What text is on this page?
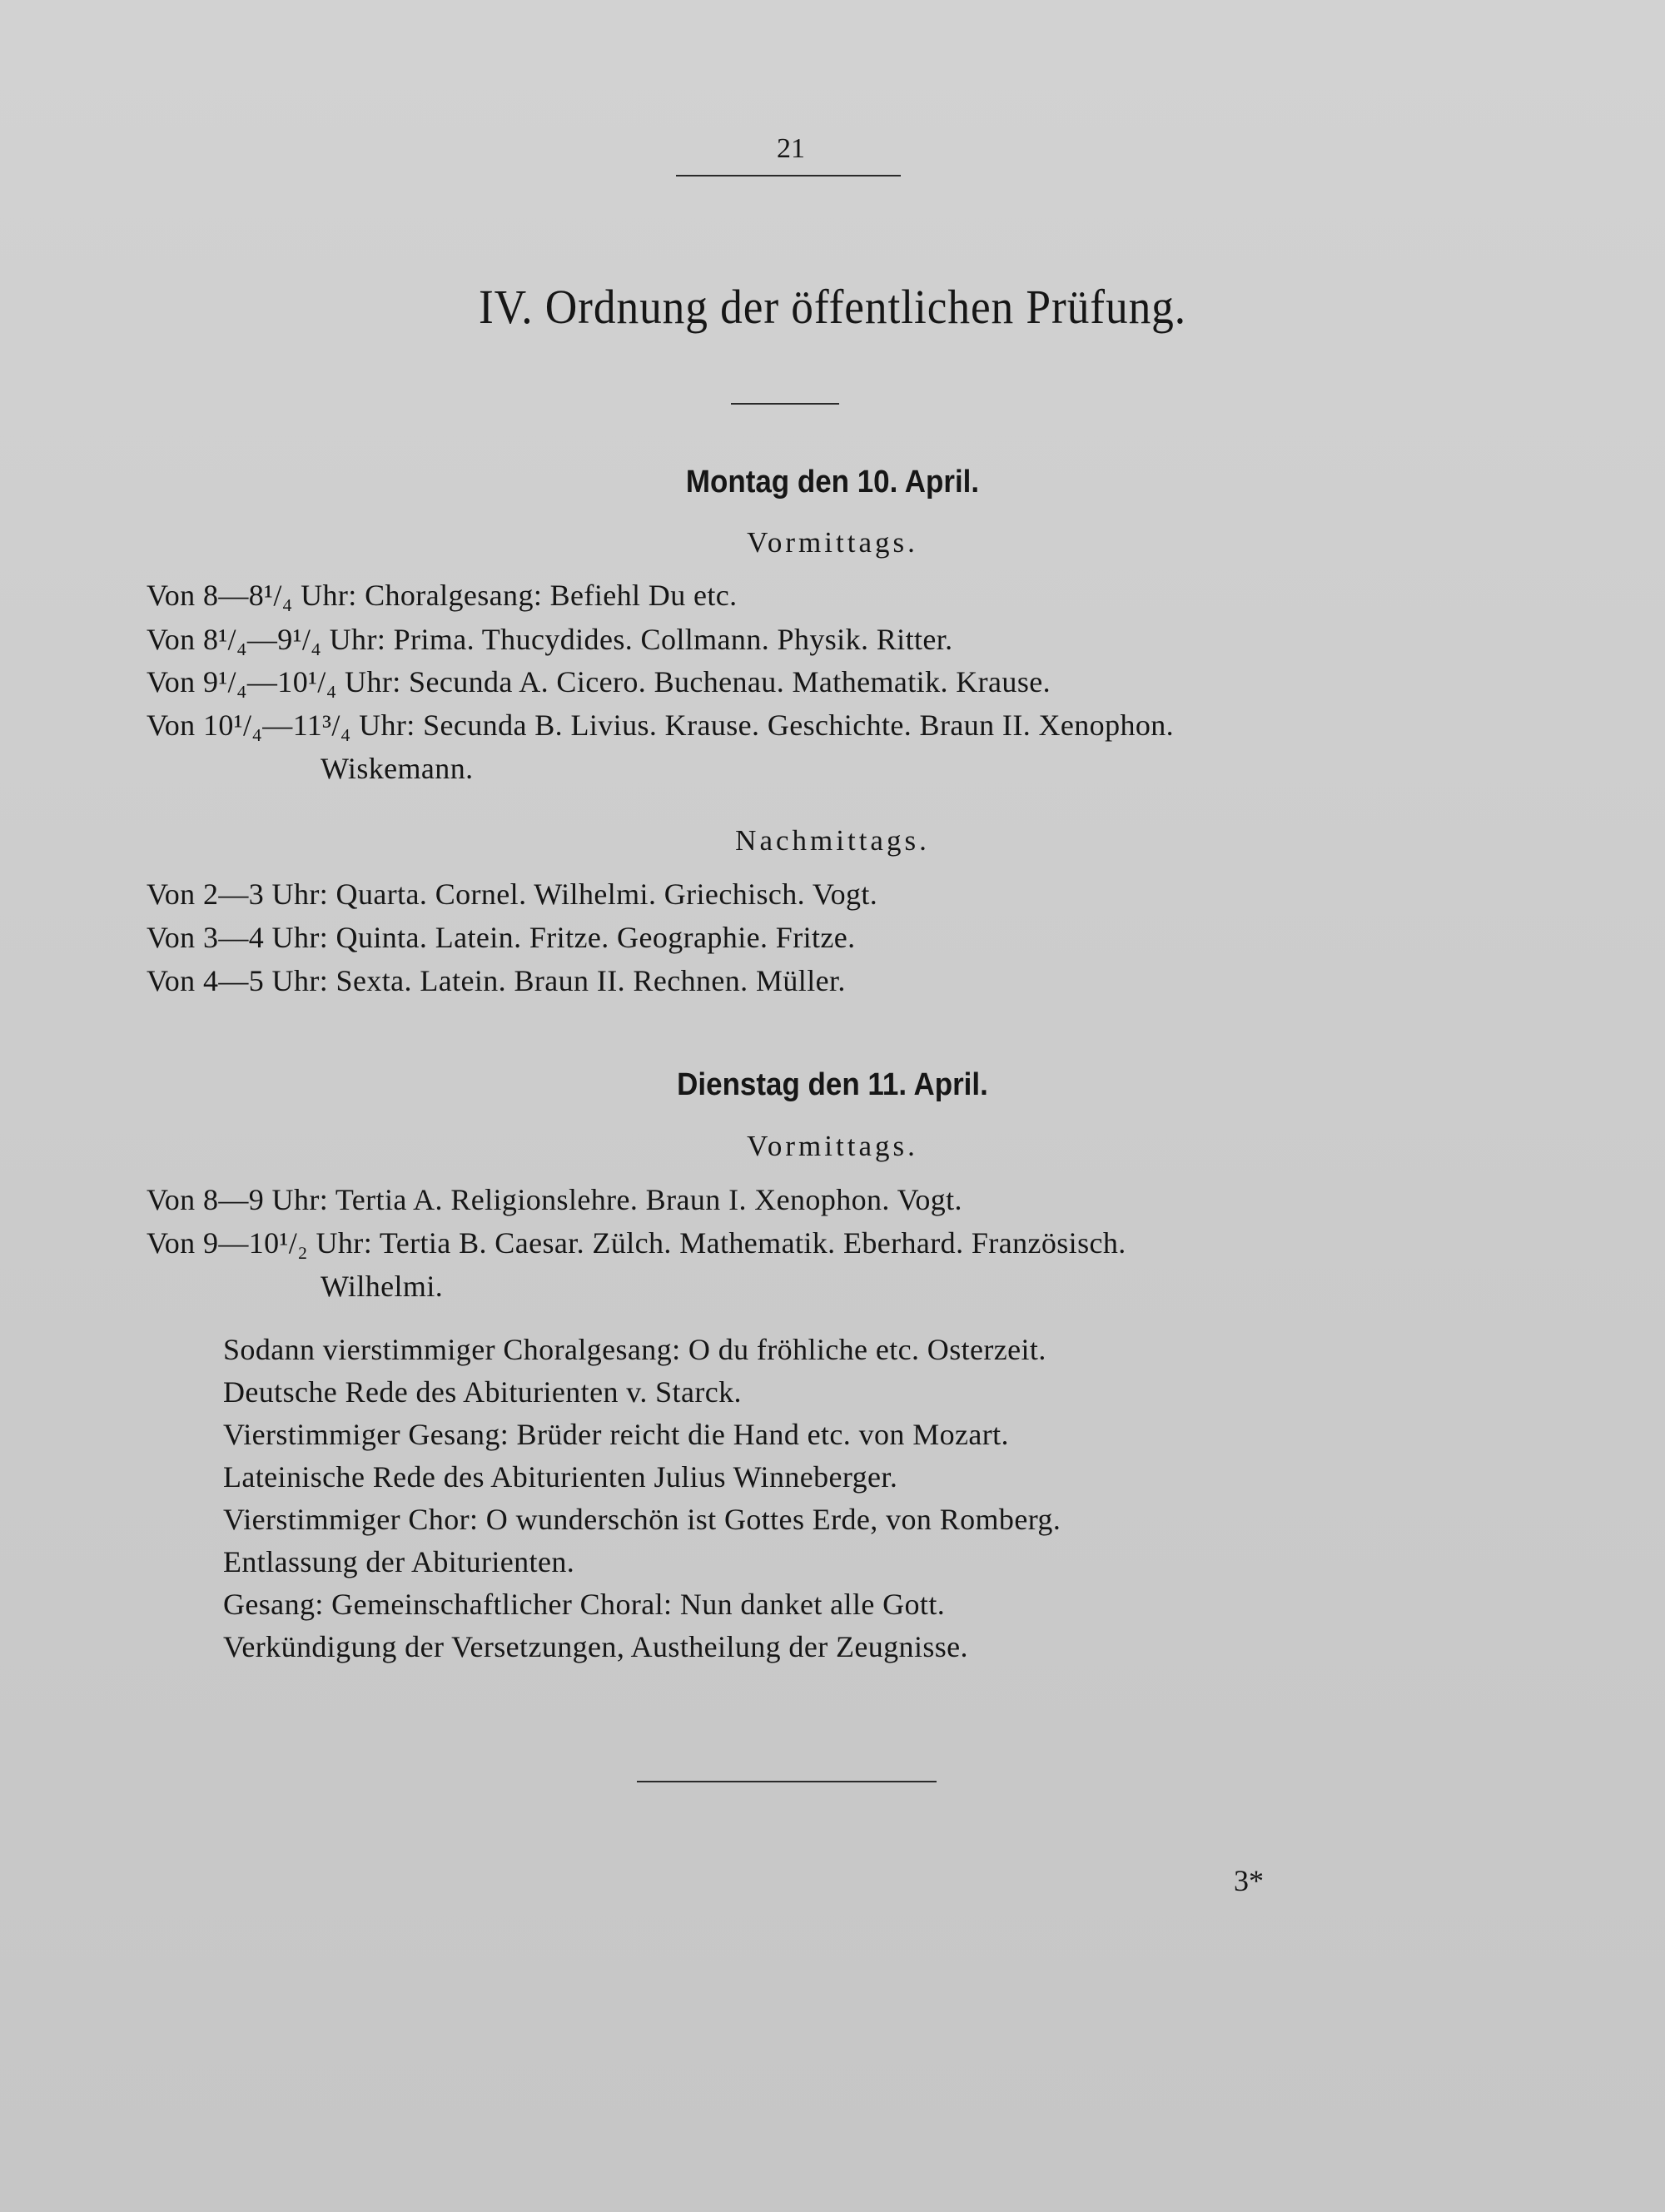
21
IV. Ordnung der öffentlichen Prüfung.
Montag den 10. April.
Vormittags.
Von 8—8¹/₄ Uhr: Choralgesang: Befiehl Du etc.
Von 8¹/₄—9¹/₄ Uhr: Prima. Thucydides. Collmann. Physik. Ritter.
Von 9¹/₄—10¹/₄ Uhr: Secunda A. Cicero. Buchenau. Mathematik. Krause.
Von 10¹/₄—11³/₄ Uhr: Secunda B. Livius. Krause. Geschichte. Braun II. Xenophon.
Wiskemann.
Nachmittags.
Von 2—3 Uhr: Quarta. Cornel. Wilhelmi. Griechisch. Vogt.
Von 3—4 Uhr: Quinta. Latein. Fritze. Geographie. Fritze.
Von 4—5 Uhr: Sexta. Latein. Braun II. Rechnen. Müller.
Dienstag den 11. April.
Vormittags.
Von 8—9 Uhr: Tertia A. Religionslehre. Braun I. Xenophon. Vogt.
Von 9—10¹/₂ Uhr: Tertia B. Caesar. Zülch. Mathematik. Eberhard. Französisch.
Wilhelmi.
Sodann vierstimmiger Choralgesang: O du fröhliche etc. Osterzeit.
Deutsche Rede des Abiturienten v. Starck.
Vierstimmiger Gesang: Brüder reicht die Hand etc. von Mozart.
Lateinische Rede des Abiturienten Julius Winneberger.
Vierstimmiger Chor: O wunderschön ist Gottes Erde, von Romberg.
Entlassung der Abiturienten.
Gesang: Gemeinschaftlicher Choral: Nun danket alle Gott.
Verkündigung der Versetzungen, Austheilung der Zeugnisse.
3*
